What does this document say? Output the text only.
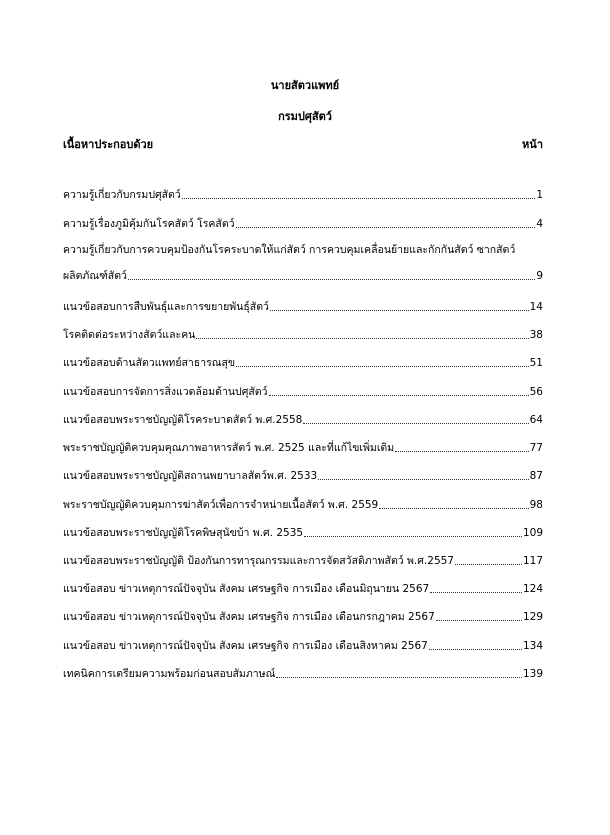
นายสัตวแพทย์
กรมปศุสัตว์
เนื้อหาประกอบด้วย	หน้า
ความรู้เกี่ยวกับกรมปศุสัตว์	1
ความรู้เรื่องภูมิคุ้มกันโรคสัตว์ โรคสัตว์	4
ความรู้เกี่ยวกับการควบคุมป้องกันโรคระบาดให้แก่สัตว์ การควบคุมเคลื่อนย้ายและกักกันสัตว์ ซากสัตว์
ผลิตภัณฑ์สัตว์	9
แนวข้อสอบการสืบพันธุ์และการขยายพันธุ์สัตว์	14
โรคติดต่อระหว่างสัตว์และคน	38
แนวข้อสอบด้านสัตวแพทย์สาธารณสุข	51
แนวข้อสอบการจัดการสิ่งแวดล้อมด้านปศุสัตว์	56
แนวข้อสอบพระราชบัญญัติโรคระบาดสัตว์ พ.ศ.2558	64
พระราชบัญญัติควบคุมคุณภาพอาหารสัตว์ พ.ศ. 2525 และที่แก้ไขเพิ่มเติม	77
แนวข้อสอบพระราชบัญญัติสถานพยาบาลสัตว์พ.ศ. 2533	87
พระราชบัญญัติควบคุมการฆ่าสัตว์เพื่อการจำหน่ายเนื้อสัตว์ พ.ศ. 2559	98
แนวข้อสอบพระราชบัญญัติโรคพิษสุนัขบ้า พ.ศ. 2535	109
แนวข้อสอบพระราชบัญญัติ ป้องกันการทารุณกรรมและการจัดสวัสดิภาพสัตว์ พ.ศ.2557	117
แนวข้อสอบ ข่าวเหตุการณ์ปัจจุบัน สังคม เศรษฐกิจ การเมือง เดือนมิถุนายน 2567	124
แนวข้อสอบ ข่าวเหตุการณ์ปัจจุบัน สังคม เศรษฐกิจ การเมือง เดือนกรกฎาคม 2567	129
แนวข้อสอบ ข่าวเหตุการณ์ปัจจุบัน สังคม เศรษฐกิจ การเมือง เดือนสิงหาคม 2567	134
เทคนิคการเตรียมความพร้อมก่อนสอบสัมภาษณ์	139
